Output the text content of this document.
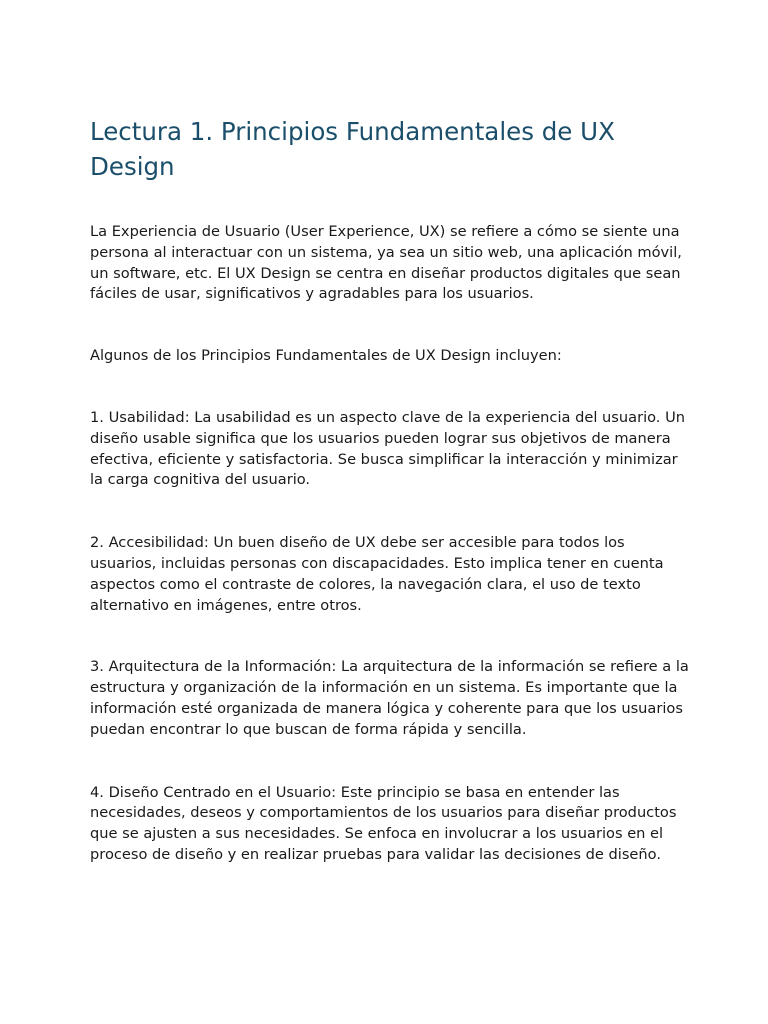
Lectura 1. Principios Fundamentales de UX Design

La Experiencia de Usuario (User Experience, UX) se refiere a cómo se siente una persona al interactuar con un sistema, ya sea un sitio web, una aplicación móvil, un software, etc. El UX Design se centra en diseñar productos digitales que sean fáciles de usar, significativos y agradables para los usuarios.

Algunos de los Principios Fundamentales de UX Design incluyen:

1. Usabilidad: La usabilidad es un aspecto clave de la experiencia del usuario. Un diseño usable significa que los usuarios pueden lograr sus objetivos de manera efectiva, eficiente y satisfactoria. Se busca simplificar la interacción y minimizar la carga cognitiva del usuario.

2. Accesibilidad: Un buen diseño de UX debe ser accesible para todos los usuarios, incluidas personas con discapacidades. Esto implica tener en cuenta aspectos como el contraste de colores, la navegación clara, el uso de texto alternativo en imágenes, entre otros.

3. Arquitectura de la Información: La arquitectura de la información se refiere a la estructura y organización de la información en un sistema. Es importante que la información esté organizada de manera lógica y coherente para que los usuarios puedan encontrar lo que buscan de forma rápida y sencilla.

4. Diseño Centrado en el Usuario: Este principio se basa en entender las necesidades, deseos y comportamientos de los usuarios para diseñar productos que se ajusten a sus necesidades. Se enfoca en involucrar a los usuarios en el proceso de diseño y en realizar pruebas para validar las decisiones de diseño.
